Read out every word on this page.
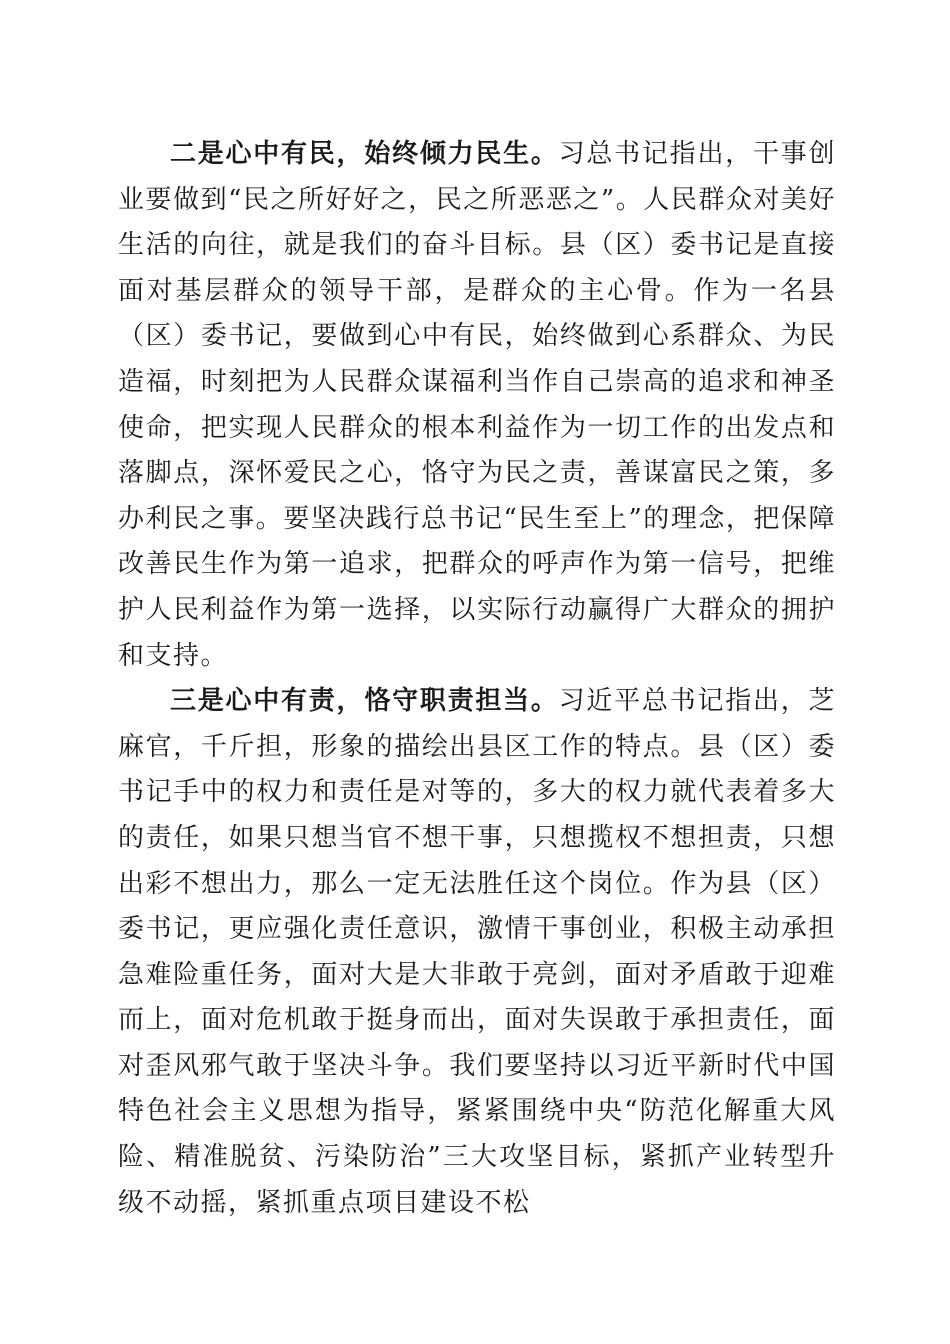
二是心中有民，始终倾力民生。习总书记指出，干事创业要做到“民之所好好之，民之所恶恶之”。人民群众对美好生活的向往，就是我们的奋斗目标。县（区）委书记是直接面对基层群众的领导干部，是群众的主心骨。作为一名县（区）委书记，要做到心中有民，始终做到心系群众、为民造福，时刻把为人民群众谋福利当作自己崇高的追求和神圣使命，把实现人民群众的根本利益作为一切工作的出发点和落脚点，深怀爱民之心，恪守为民之责，善谋富民之策，多办利民之事。要坚决践行总书记“民生至上”的理念，把保障改善民生作为第一追求，把群众的呼声作为第一信号，把维护人民利益作为第一选择，以实际行动赢得广大群众的拥护和支持。

三是心中有责，恪守职责担当。习近平总书记指出，芝麻官，千斤担，形象的描绘出县区工作的特点。县（区）委书记手中的权力和责任是对等的，多大的权力就代表着多大的责任，如果只想当官不想干事，只想揽权不想担责，只想出彩不想出力，那么一定无法胜任这个岗位。作为县（区）委书记，更应强化责任意识，激情干事创业，积极主动承担急难险重任务，面对大是大非敢于亮剑，面对矛盾敢于迎难而上，面对危机敢于挺身而出，面对失误敢于承担责任，面对歪风邪气敢于坚决斗争。我们要坚持以习近平新时代中国特色社会主义思想为指导，紧紧围绕中央“防范化解重大风险、精准脱贫、污染防治”三大攻坚目标，紧抓产业转型升级不动摇，紧抓重点项目建设不松
